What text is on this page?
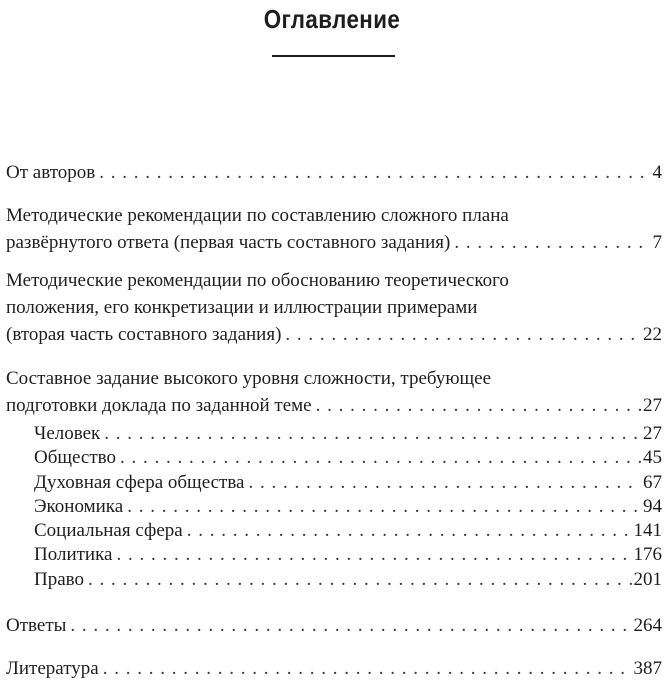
Оглавление
От авторов . . .	4
Методические рекомендации по составлению сложного плана
развёрнутого ответа (первая часть составного задания) . . .	7
Методические рекомендации по обоснованию теоретического
положения, его конкретизации и иллюстрации примерами
(вторая часть составного задания) . . .	22
Составное задание высокого уровня сложности, требующее
подготовки доклада по заданной теме . . .	27
Человек . . .	27
Общество . . .	45
Духовная сфера общества . . .	67
Экономика . . .	94
Социальная сфера . . .	141
Политика . . .	176
Право . . .	201
Ответы . . .	264
Литература . . .	387
